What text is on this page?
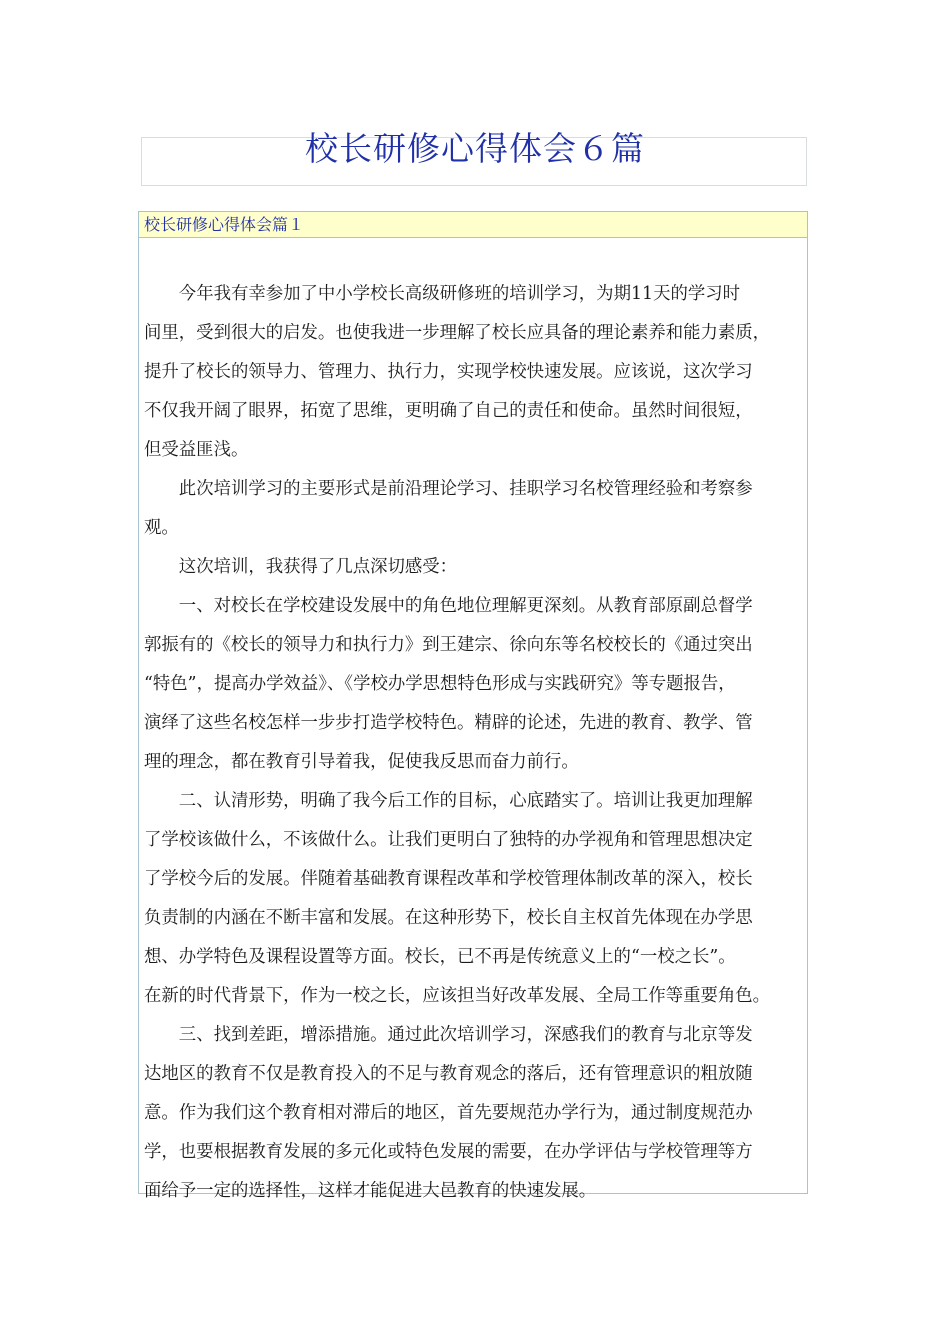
校长研修心得体会６篇
校长研修心得体会篇１

今年我有幸参加了中小学校长高级研修班的培训学习，为期11天的学习时
间里，受到很大的启发。也使我进一步理解了校长应具备的理论素养和能力素质，
提升了校长的领导力、管理力、执行力，实现学校快速发展。应该说，这次学习
不仅我开阔了眼界，拓宽了思维，更明确了自己的责任和使命。虽然时间很短，
但受益匪浅。

此次培训学习的主要形式是前沿理论学习、挂职学习名校管理经验和考察参
观。

这次培训，我获得了几点深切感受：

一、对校长在学校建设发展中的角色地位理解更深刻。从教育部原副总督学
郭振有的《校长的领导力和执行力》到王建宗、徐向东等名校校长的《通过突出
“特色”，提高办学效益》、《学校办学思想特色形成与实践研究》等专题报告，
演绎了这些名校怎样一步步打造学校特色。精辟的论述，先进的教育、教学、管
理的理念，都在教育引导着我，促使我反思而奋力前行。

二、认清形势，明确了我今后工作的目标，心底踏实了。培训让我更加理解
了学校该做什么，不该做什么。让我们更明白了独特的办学视角和管理思想决定
了学校今后的发展。伴随着基础教育课程改革和学校管理体制改革的深入，校长
负责制的内涵在不断丰富和发展。在这种形势下，校长自主权首先体现在办学思
想、办学特色及课程设置等方面。校长，已不再是传统意义上的“一校之长”。
在新的时代背景下，作为一校之长，应该担当好改革发展、全局工作等重要角色。

三、找到差距，增添措施。通过此次培训学习，深感我们的教育与北京等发
达地区的教育不仅是教育投入的不足与教育观念的落后，还有管理意识的粗放随
意。作为我们这个教育相对滞后的地区，首先要规范办学行为，通过制度规范办
学，也要根据教育发展的多元化或特色发展的需要，在办学评估与学校管理等方
面给予一定的选择性，这样才能促进大邑教育的快速发展。
